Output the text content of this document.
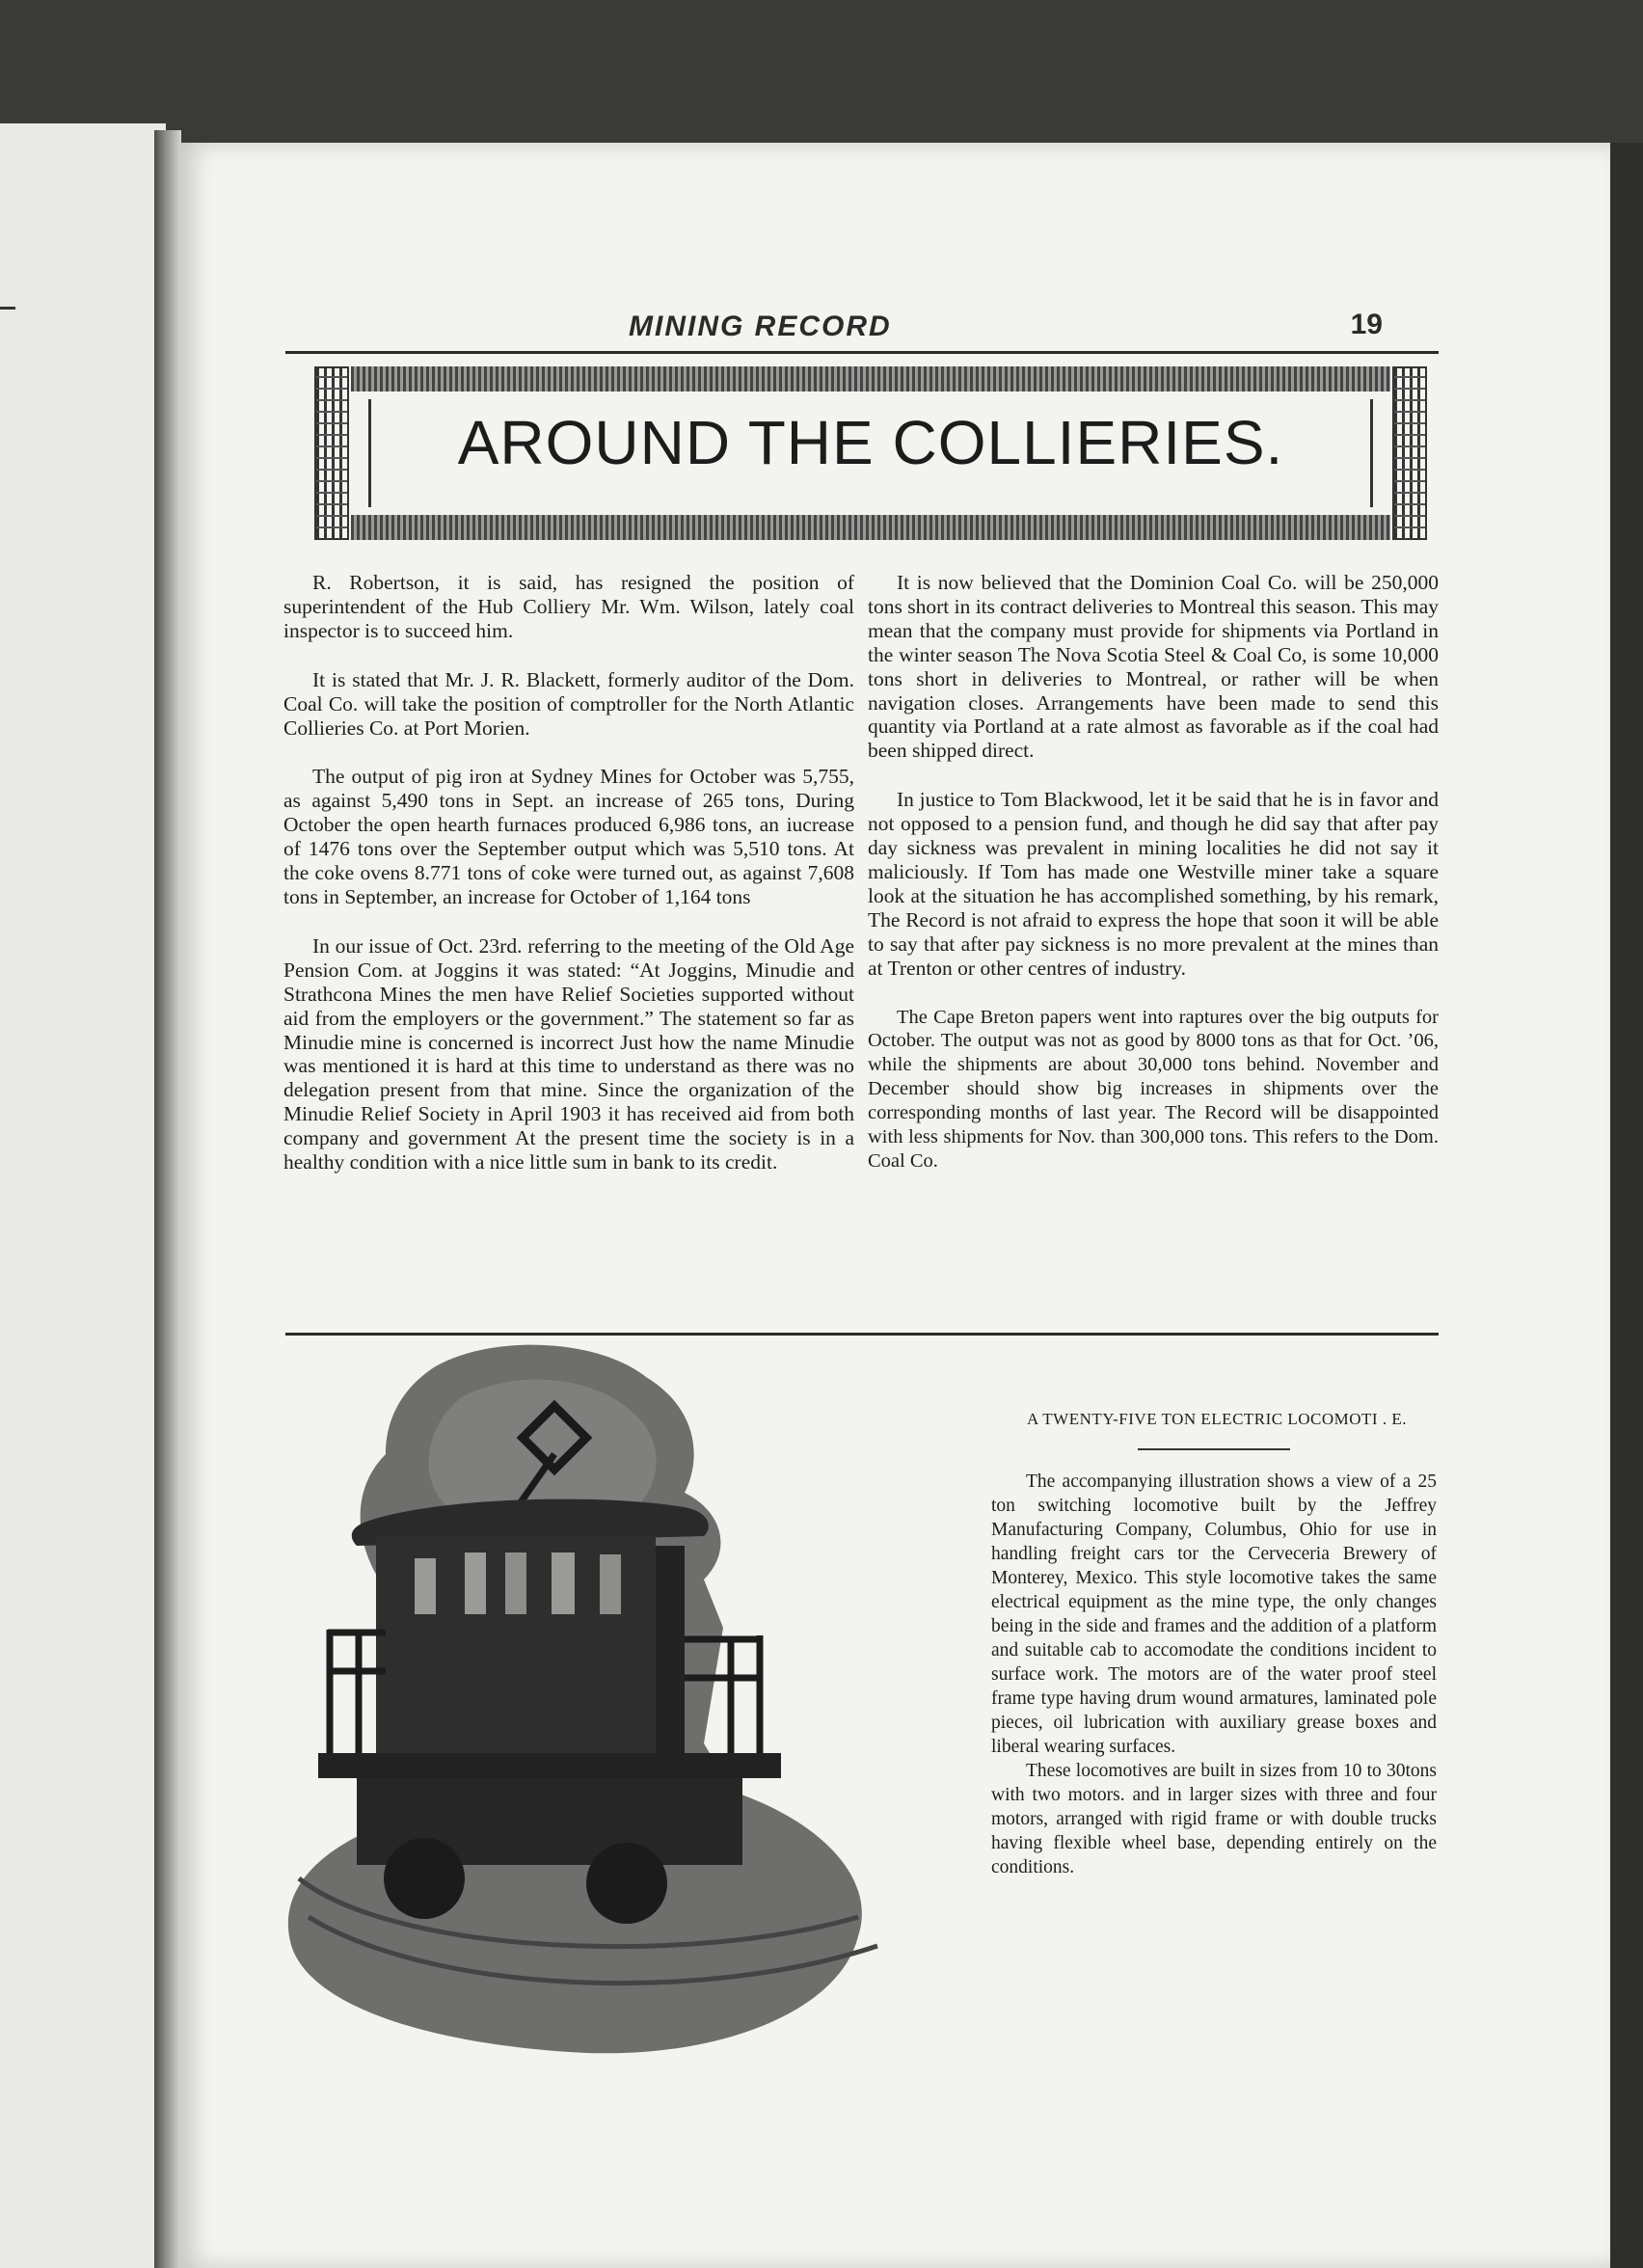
MINING RECORD	19
AROUND THE COLLIERIES.

R. Robertson, it is said, has resigned the position of superintendent of the Hub Colliery Mr. Wm. Wilson, lately coal inspector is to succeed him.

It is stated that Mr. J. R. Blackett, formerly auditor of the Dom. Coal Co. will take the position of comptroller for the North Atlantic Collieries Co. at Port Morien.

The output of pig iron at Sydney Mines for October was 5,755, as against 5,490 tons in Sept. an increase of 265 tons, During October the open hearth furnaces produced 6,986 tons, an iucrease of 1476 tons over the September output which was 5,510 tons. At the coke ovens 8.771 tons of coke were turned out, as against 7,608 tons in September, an increase for October of 1,164 tons

In our issue of Oct. 23rd. referring to the meeting of the Old Age Pension Com. at Joggins it was stated: “At Joggins, Minudie and Strathcona Mines the men have Relief Societies supported without aid from the employers or the government.” The statement so far as Minudie mine is concerned is incorrect Just how the name Minudie was mentioned it is hard at this time to understand as there was no delegation present from that mine. Since the organization of the Minudie Relief Society in April 1903 it has received aid from both company and government At the present time the society is in a healthy condition with a nice little sum in bank to its credit.

It is now believed that the Dominion Coal Co. will be 250,000 tons short in its contract deliveries to Montreal this season. This may mean that the company must provide for shipments via Portland in the winter season The Nova Scotia Steel & Coal Co, is some 10,000 tons short in deliveries to Montreal, or rather will be when navigation closes. Arrangements have been made to send this quantity via Portland at a rate almost as favorable as if the coal had been shipped direct.

In justice to Tom Blackwood, let it be said that he is in favor and not opposed to a pension fund, and though he did say that after pay day sickness was prevalent in mining localities he did not say it maliciously. If Tom has made one Westville miner take a square look at the situation he has accomplished something, by his remark, The Record is not afraid to express the hope that soon it will be able to say that after pay sickness is no more prevalent at the mines than at Trenton or other centres of industry.

The Cape Breton papers went into raptures over the big outputs for October. The output was not as good by 8000 tons as that for Oct. ’06, while the shipments are about 30,000 tons behind. November and December should show big increases in shipments over the corresponding months of last year. The Record will be disappointed with less shipments for Nov. than 300,000 tons. This refers to the Dom. Coal Co.

A TWENTY-FIVE TON ELECTRIC LOCOMOTI . E.

The accompanying illustration shows a view of a 25 ton switching locomotive built by the Jeffrey Manufacturing Company, Columbus, Ohio for use in handling freight cars tor the Cerveceria Brewery of Monterey, Mexico. This style locomotive takes the same electrical equipment as the mine type, the only changes being in the side and frames and the addition of a platform and suitable cab to accomodate the conditions incident to surface work. The motors are of the water proof steel frame type having drum wound armatures, laminated pole pieces, oil lubrication with auxiliary grease boxes and liberal wearing surfaces.

These locomotives are built in sizes from 10 to 30tons with two motors. and in larger sizes with three and four motors, arranged with rigid frame or with double trucks having flexible wheel base, depending entirely on the conditions.
